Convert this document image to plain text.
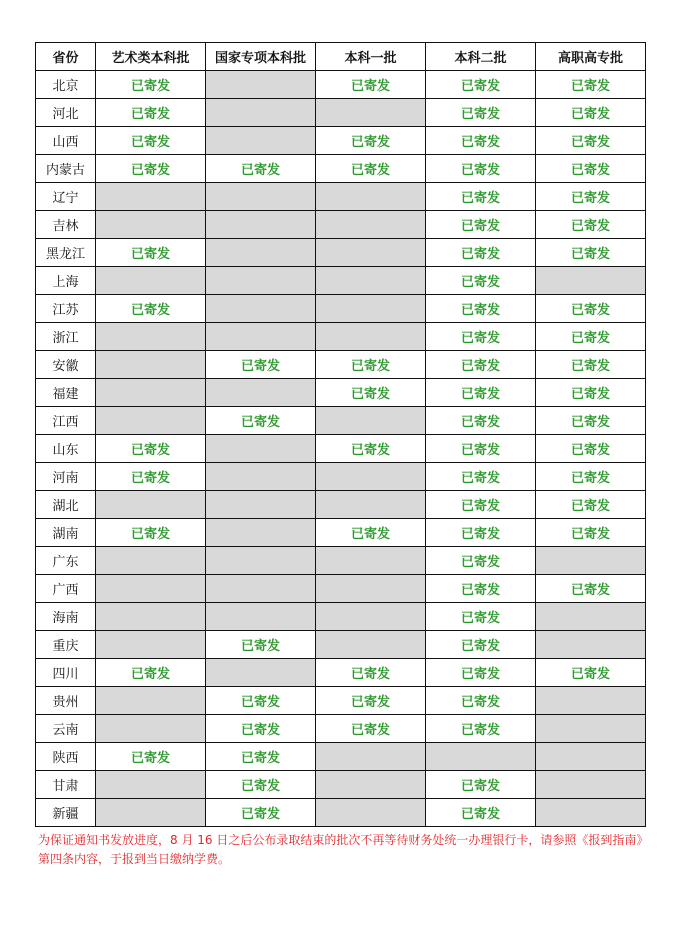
省份	艺术类本科批	国家专项本科批	本科一批	本科二批	高职高专批
北京	已寄发		已寄发	已寄发	已寄发
河北	已寄发			已寄发	已寄发
山西	已寄发		已寄发	已寄发	已寄发
内蒙古	已寄发	已寄发	已寄发	已寄发	已寄发
辽宁				已寄发	已寄发
吉林				已寄发	已寄发
黑龙江	已寄发			已寄发	已寄发
上海				已寄发	
江苏	已寄发			已寄发	已寄发
浙江				已寄发	已寄发
安徽		已寄发	已寄发	已寄发	已寄发
福建			已寄发	已寄发	已寄发
江西		已寄发		已寄发	已寄发
山东	已寄发		已寄发	已寄发	已寄发
河南	已寄发			已寄发	已寄发
湖北				已寄发	已寄发
湖南	已寄发		已寄发	已寄发	已寄发
广东				已寄发	
广西				已寄发	已寄发
海南				已寄发	
重庆		已寄发		已寄发	
四川	已寄发		已寄发	已寄发	已寄发
贵州		已寄发	已寄发	已寄发	
云南		已寄发	已寄发	已寄发	
陕西	已寄发	已寄发			
甘肃		已寄发		已寄发	
新疆		已寄发		已寄发	

为保证通知书发放进度，8 月 16 日之后公布录取结束的批次不再等待财务处统一办理银行卡，请参照《报到指南》第四条内容，于报到当日缴纳学费。
